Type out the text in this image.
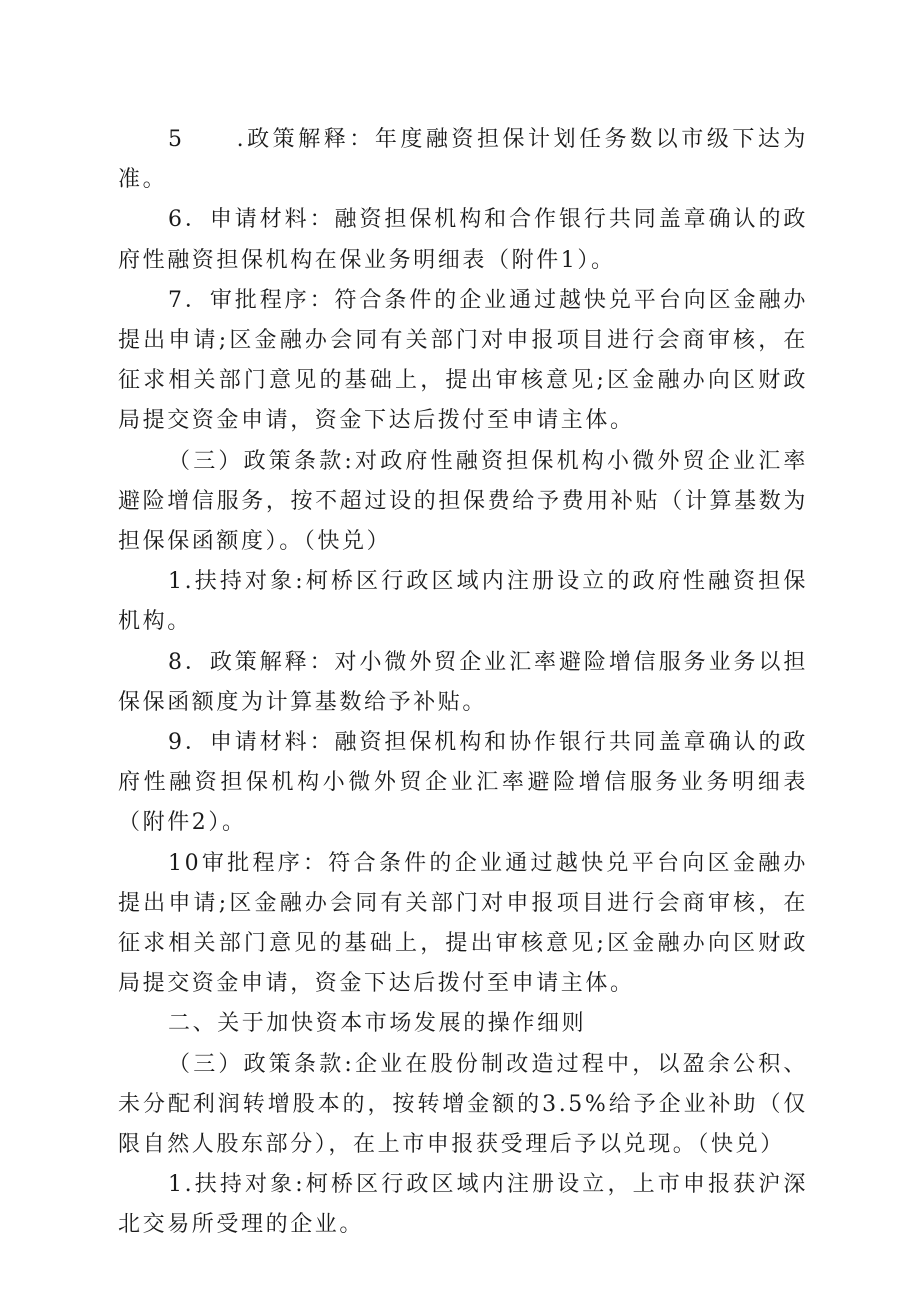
5　　.政策解释：年度融资担保计划任务数以市级下达为准。

6．申请材料：融资担保机构和合作银行共同盖章确认的政府性融资担保机构在保业务明细表（附件1）。

7．审批程序：符合条件的企业通过越快兑平台向区金融办提出申请;区金融办会同有关部门对申报项目进行会商审核，在征求相关部门意见的基础上，提出审核意见;区金融办向区财政局提交资金申请，资金下达后拨付至申请主体。

（三）政策条款:对政府性融资担保机构小微外贸企业汇率避险增信服务，按不超过设的担保费给予费用补贴（计算基数为担保保函额度）。（快兑）

1.扶持对象:柯桥区行政区域内注册设立的政府性融资担保机构。

8．政策解释：对小微外贸企业汇率避险增信服务业务以担保保函额度为计算基数给予补贴。

9．申请材料：融资担保机构和协作银行共同盖章确认的政府性融资担保机构小微外贸企业汇率避险增信服务业务明细表（附件2）。

10审批程序：符合条件的企业通过越快兑平台向区金融办提出申请;区金融办会同有关部门对申报项目进行会商审核，在征求相关部门意见的基础上，提出审核意见;区金融办向区财政局提交资金申请，资金下达后拨付至申请主体。

二、关于加快资本市场发展的操作细则

（三）政策条款:企业在股份制改造过程中，以盈余公积、未分配利润转增股本的，按转增金额的3.5%给予企业补助（仅限自然人股东部分），在上市申报获受理后予以兑现。（快兑）

1.扶持对象:柯桥区行政区域内注册设立，上市申报获沪深北交易所受理的企业。
